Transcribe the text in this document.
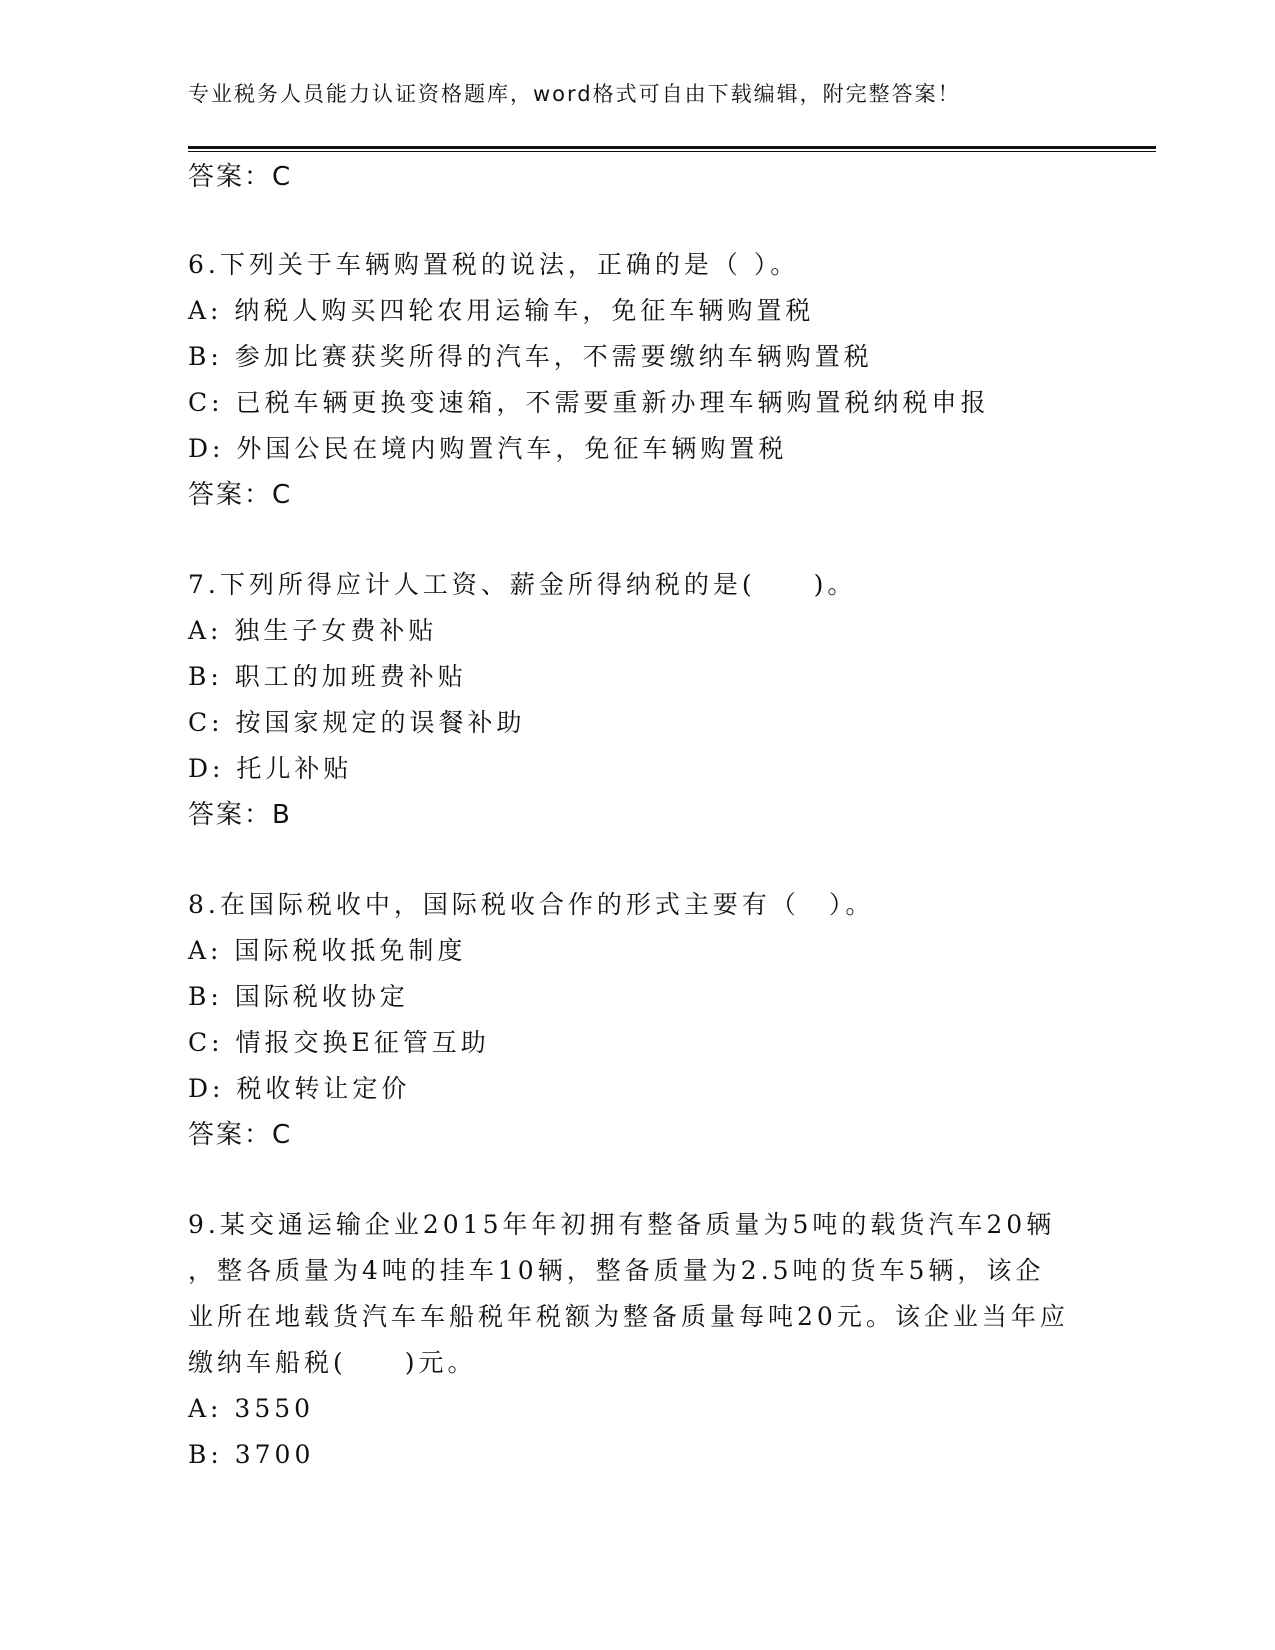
专业税务人员能力认证资格题库，word格式可自由下载编辑，附完整答案！
答案：C
6.下列关于车辆购置税的说法，正确的是（ ）。
A: 纳税人购买四轮农用运输车，免征车辆购置税
B: 参加比赛获奖所得的汽车，不需要缴纳车辆购置税
C: 已税车辆更换变速箱，不需要重新办理车辆购置税纳税申报
D: 外国公民在境内购置汽车，免征车辆购置税
答案：C
7.下列所得应计人工资、薪金所得纳税的是(　　)。
A: 独生子女费补贴
B: 职工的加班费补贴
C: 按国家规定的误餐补助
D: 托儿补贴
答案：B
8.在国际税收中，国际税收合作的形式主要有（　）。
A: 国际税收抵免制度
B: 国际税收协定
C: 情报交换E征管互助
D: 税收转让定价
答案：C
9.某交通运输企业2015年年初拥有整备质量为5吨的载货汽车20辆
，整各质量为4吨的挂车10辆，整备质量为2.5吨的货车5辆，该企
业所在地载货汽车车船税年税额为整备质量每吨20元。该企业当年应
缴纳车船税(　　)元。
A: 3550
B: 3700
